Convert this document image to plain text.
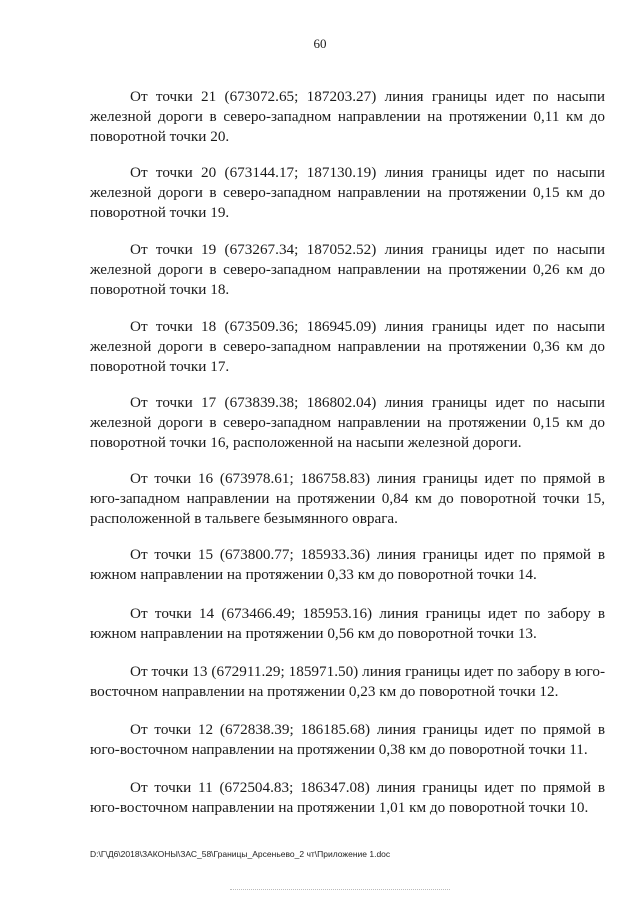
60

От точки 21 (673072.65; 187203.27) линия границы идет по насыпи железной дороги в северо-западном направлении на протяжении 0,11 км до поворотной точки 20.

От точки 20 (673144.17; 187130.19) линия границы идет по насыпи железной дороги в северо-западном направлении на протяжении 0,15 км до поворотной точки 19.

От точки 19 (673267.34; 187052.52) линия границы идет по насыпи железной дороги в северо-западном направлении на протяжении 0,26 км до поворотной точки 18.

От точки 18 (673509.36; 186945.09) линия границы идет по насыпи железной дороги в северо-западном направлении на протяжении 0,36 км до поворотной точки 17.

От точки 17 (673839.38; 186802.04) линия границы идет по насыпи железной дороги в северо-западном направлении на протяжении 0,15 км до поворотной точки 16, расположенной на насыпи железной дороги.

От точки 16 (673978.61; 186758.83) линия границы идет по прямой в юго-западном направлении на протяжении 0,84 км до поворотной точки 15, расположенной в тальвеге безымянного оврага.

От точки 15 (673800.77; 185933.36) линия границы идет по прямой в южном направлении на протяжении 0,33 км до поворотной точки 14.

От точки 14 (673466.49; 185953.16) линия границы идет по забору в южном направлении на протяжении 0,56 км до поворотной точки 13.

От точки 13 (672911.29; 185971.50) линия границы идет по забору в юго-восточном направлении на протяжении 0,23 км до поворотной точки 12.

От точки 12 (672838.39; 186185.68) линия границы идет по прямой в юго-восточном направлении на протяжении 0,38 км до поворотной точки 11.

От точки 11 (672504.83; 186347.08) линия границы идет по прямой в юго-восточном направлении на протяжении 1,01 км до поворотной точки 10.

D:\Г\Д6\2018\ЗАКОНЫ\ЗАС_58\Границы_Арсеньево_2 чт\Приложение 1.doc
